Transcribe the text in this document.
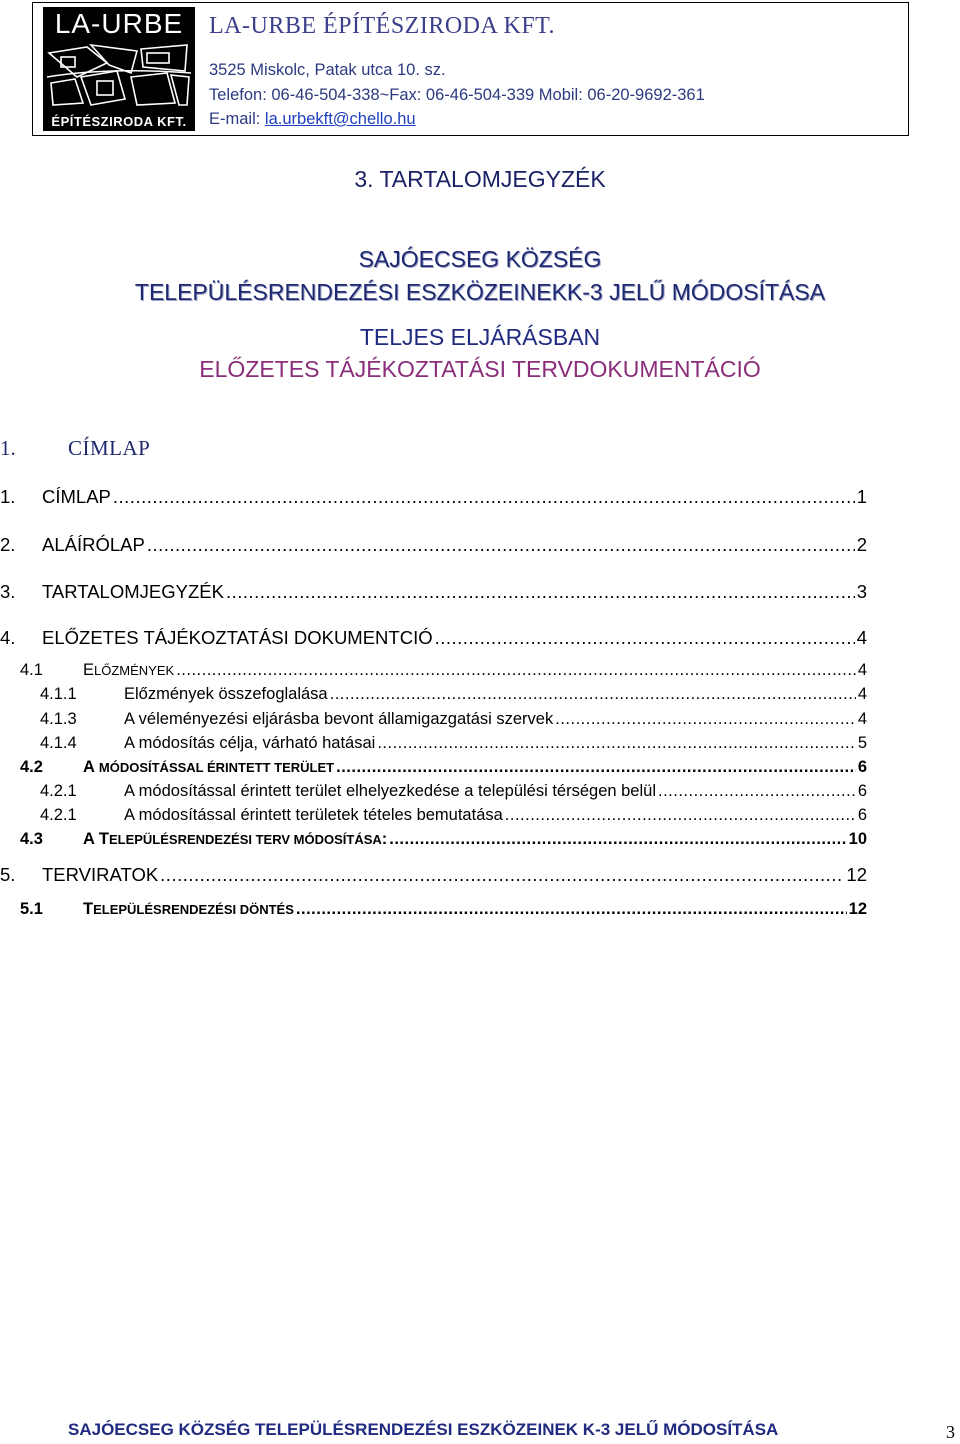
LA-URBE
ÉPÍTÉSZIRODA KFT.
LA-URBE ÉPÍTÉSZIRODA KFT.
3525 Miskolc, Patak utca 10. sz.
Telefon: 06-46-504-338~Fax: 06-46-504-339 Mobil: 06-20-9692-361
E-mail: la.urbekft@chello.hu
3. TARTALOMJEGYZÉK
SAJÓECSEG KÖZSÉG
TELEPÜLÉSRENDEZÉSI ESZKÖZEINEKK-3 JELŰ MÓDOSÍTÁSA
TELJES ELJÁRÁSBAN
ELŐZETES TÁJÉKOZTATÁSI TERVDOKUMENTÁCIÓ
1. CÍMLAP
1.	CÍMLAP .....	1
2.	ALÁÍRÓLAP .....	2
3.	TARTALOMJEGYZÉK .....	3
4.	ELŐZETES TÁJÉKOZTATÁSI DOKUMENTCIÓ .....	4
4.1	ELŐZMÉNYEK .....	4
4.1.1	Előzmények összefoglalása .....	4
4.1.3	A véleményezési eljárásba bevont államigazgatási szervek .....	4
4.1.4	A módosítás célja, várható hatásai .....	5
4.2	A MÓDOSÍTÁSSAL ÉRINTETT TERÜLET .....	6
4.2.1	A módosítással érintett terület elhelyezkedése a települési térségen belül .....	6
4.2.1	A módosítással érintett területek tételes bemutatása .....	6
4.3	A TELEPÜLÉSRENDEZÉSI TERV MÓDOSÍTÁSA: .....	10
5.	TERVIRATOK .....	12
5.1	TELEPÜLÉSRENDEZÉSI DÖNTÉS .....	12
SAJÓECSEG KÖZSÉG TELEPÜLÉSRENDEZÉSI ESZKÖZEINEK K-3 JELŰ MÓDOSÍTÁSA	3
